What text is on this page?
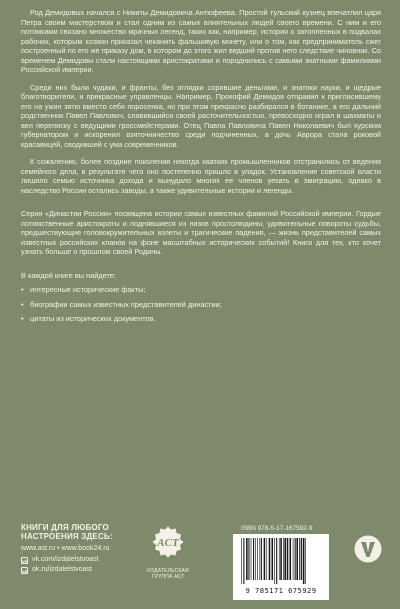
Род Демидовых начался с Никиты Демидовича Антюфеева. Простой тульский кузнец впечатлил царя Петра своим мастерством и стал одним из самых влиятельных людей своего времени. С ним и его потомками связано множество мрачных легенд, таких как, например, история о затопленных в подвалах рабочих, которым хозяин приказал чеканить фальшивую монету, или о том, как предприниматель сжег построенный по его же приказу дом, в котором до этого жил ведший против него следствие чиновник. Со временем Демидовы стали настоящими аристократами и породнились с самыми знатными фамилиями Российской империи.

Среди них были чудаки, и франты, без оглядки сорившие деньгами, и знатоки науки, и щедрые благотворители, и прекрасные управленцы. Например, Прокофий Демидов отправил к пригласившему его на ужин зятю вместо себя поросенка, но при этом прекрасно разбирался в ботанике, а его дальний родственник Павел Павлович, славившийся своей расточительностью, превосходно играл в шахматы и вел переписку с ведущими гроссмейстерами. Отец Павла Павловича Павел Николаевич был курским губернатором и искоренил взяточничество среди подчиненных, а дочь Аврора стала роковой красавицей, сводившей с ума современников.

К сожалению, более поздние поколения некогда хватких промышленников отстранились от ведения семейного дела, в результате чего оно постепенно пришло в упадок. Установление советской власти лишило семью источника дохода и вынудило многих ее членов уехать в эмиграцию, однако в наследство России остались заводы, а также удивительные истории и легенды.

Серия «Династии России» посвящена истории самых известных фамилий Российской империи. Гордые потомственные аристократы и поднявшиеся из низов простолюдины, удивительные повороты судьбы, предшествующие головокружительных взлеты и трагические падения, — жизнь представителей самых известных российских кланов на фоне масштабных исторических событий! Книги для тех, кто хочет узнать больше о прошлом своей Родины.

В каждой книге вы найдете:
• интересные исторические факты;
• биографии самых известных представителей династии;
• цитаты из исторических документов.
КНИГИ ДЛЯ ЛЮБОГО
НАСТРОЕНИЯ ЗДЕСЬ:
www.ast.ru • www.book24.ru
vk vk.com/izdatelstvoast
ok ok.ru/izdatelstvoast
ACT
ИЗДАТЕЛЬСКАЯ
ГРУППА АСТ
ISBN 978-5-17-167592-9
9 785171 675929
